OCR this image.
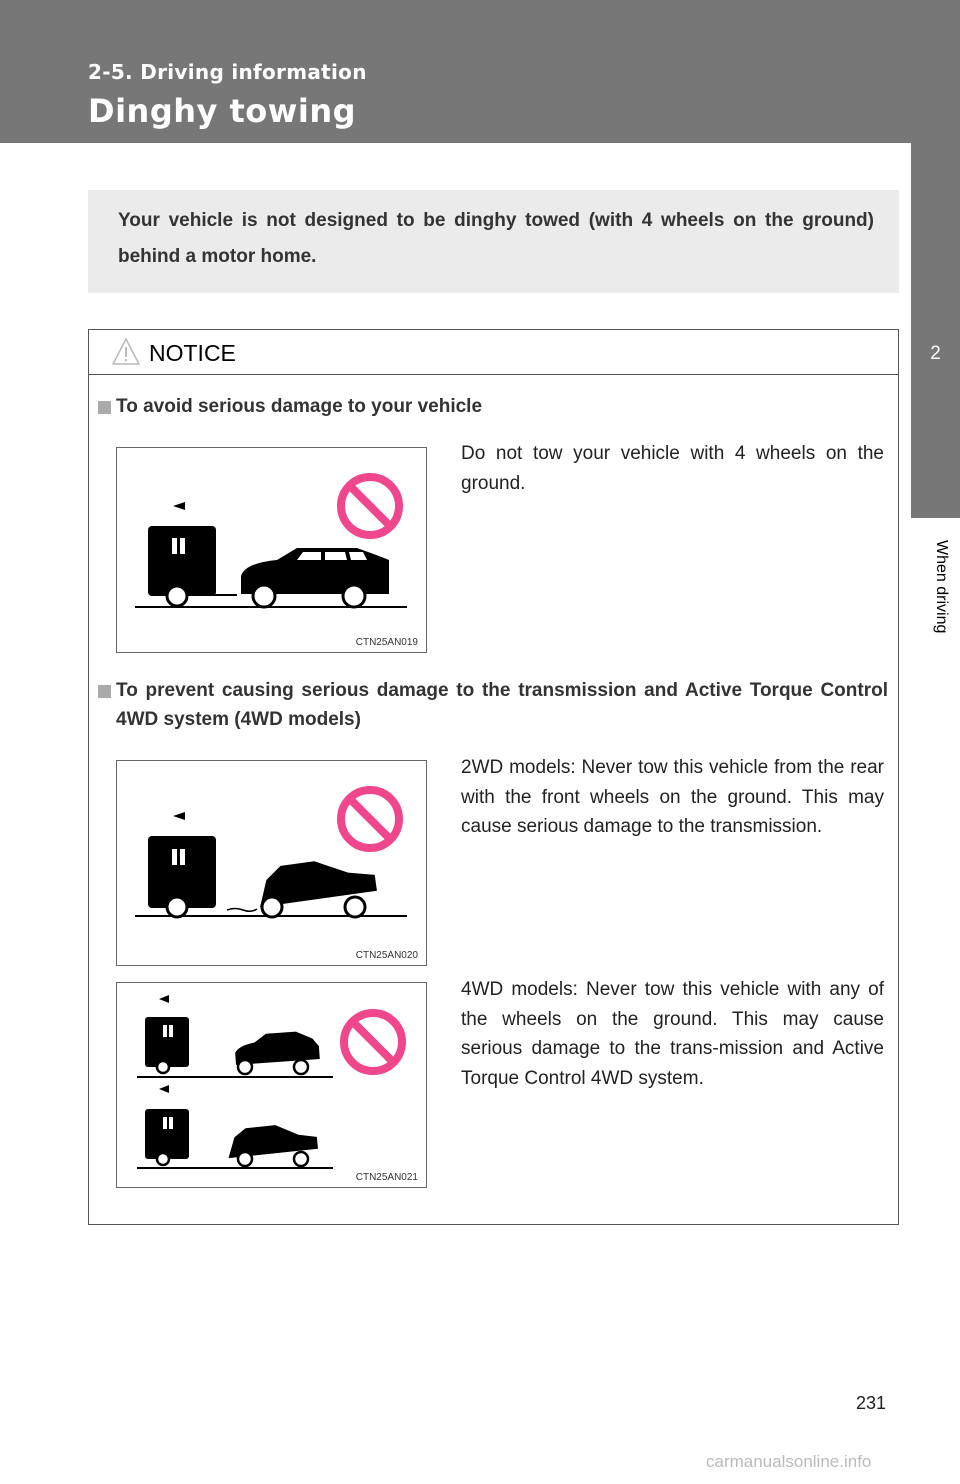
2-5. Driving information
Dinghy towing
2
When driving
Your vehicle is not designed to be dinghy towed (with 4 wheels on the ground) behind a motor home.
NOTICE
To avoid serious damage to your vehicle
CTN25AN019
Do not tow your vehicle with 4 wheels on the ground.
To prevent causing serious damage to the transmission and Active Torque Control 4WD system (4WD models)
CTN25AN020
2WD models: Never tow this vehicle from the rear with the front wheels on the ground. This may cause serious damage to the transmission.
CTN25AN021
4WD models: Never tow this vehicle with any of the wheels on the ground. This may cause serious damage to the trans-mission and Active Torque Control 4WD system.
231
carmanualsonline.info
